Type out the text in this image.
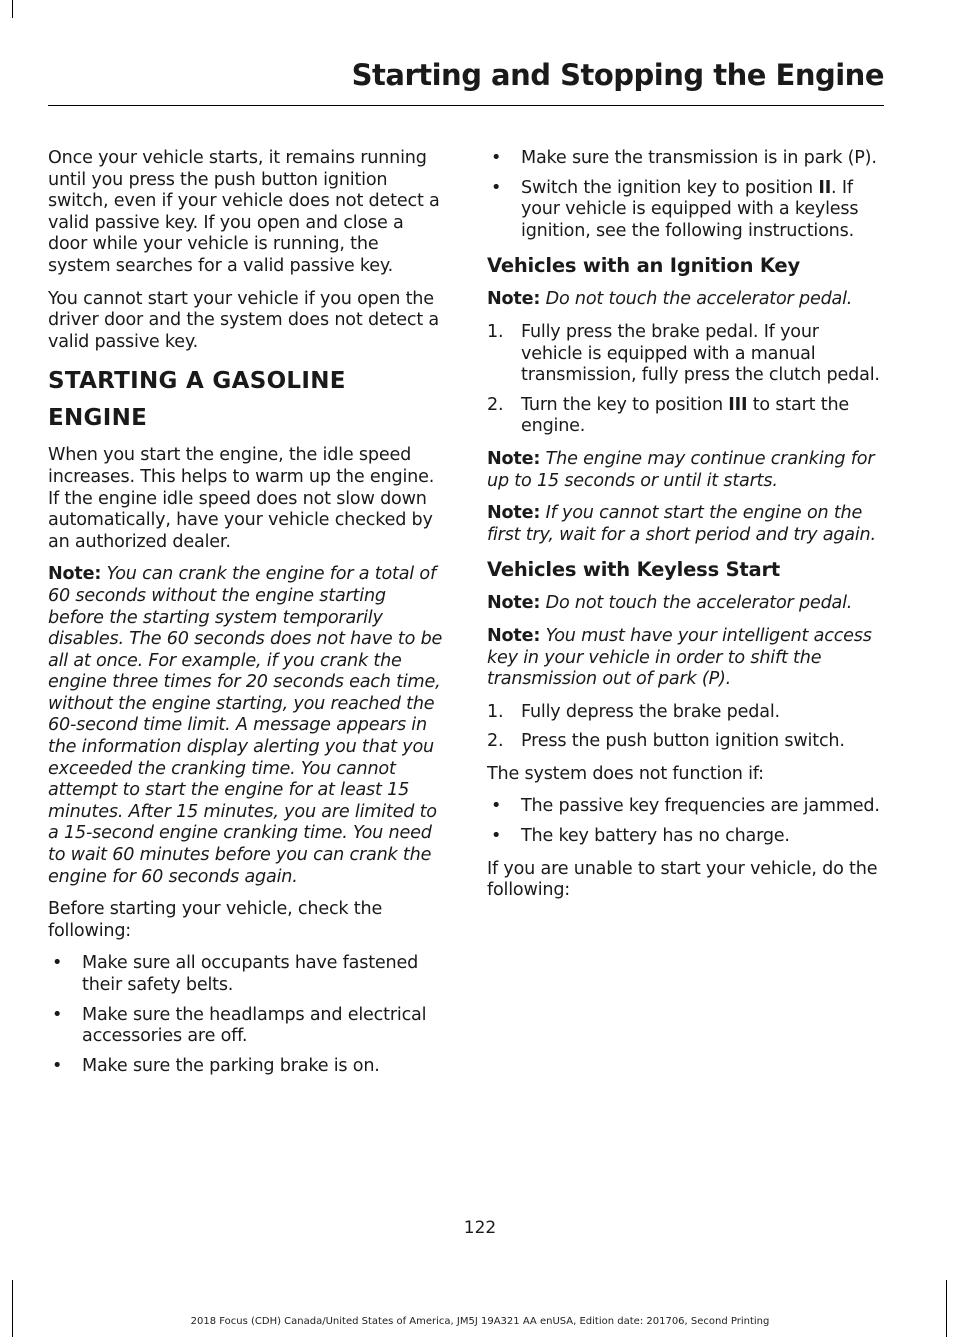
Starting and Stopping the Engine

Once your vehicle starts, it remains running until you press the push button ignition switch, even if your vehicle does not detect a valid passive key. If you open and close a door while your vehicle is running, the system searches for a valid passive key.

You cannot start your vehicle if you open the driver door and the system does not detect a valid passive key.

STARTING A GASOLINE
ENGINE

When you start the engine, the idle speed increases. This helps to warm up the engine. If the engine idle speed does not slow down automatically, have your vehicle checked by an authorized dealer.

Note: You can crank the engine for a total of 60 seconds without the engine starting before the starting system temporarily disables. The 60 seconds does not have to be all at once. For example, if you crank the engine three times for 20 seconds each time, without the engine starting, you reached the 60-second time limit. A message appears in the information display alerting you that you exceeded the cranking time. You cannot attempt to start the engine for at least 15 minutes. After 15 minutes, you are limited to a 15-second engine cranking time. You need to wait 60 minutes before you can crank the engine for 60 seconds again.

Before starting your vehicle, check the following:

• Make sure all occupants have fastened their safety belts.
• Make sure the headlamps and electrical accessories are off.
• Make sure the parking brake is on.
• Make sure the transmission is in park (P).
• Switch the ignition key to position II. If your vehicle is equipped with a keyless ignition, see the following instructions.
Vehicles with an Ignition Key

Note: Do not touch the accelerator pedal.

1. Fully press the brake pedal. If your vehicle is equipped with a manual transmission, fully press the clutch pedal.
2. Turn the key to position III to start the engine.

Note: The engine may continue cranking for up to 15 seconds or until it starts.

Note: If you cannot start the engine on the first try, wait for a short period and try again.

Vehicles with Keyless Start

Note: Do not touch the accelerator pedal.

Note: You must have your intelligent access key in your vehicle in order to shift the transmission out of park (P).

1. Fully depress the brake pedal.
2. Press the push button ignition switch.

The system does not function if:

• The passive key frequencies are jammed.
• The key battery has no charge.

If you are unable to start your vehicle, do the following:

122
2018 Focus (CDH) Canada/United States of America, JM5J 19A321 AA enUSA, Edition date: 201706, Second Printing
